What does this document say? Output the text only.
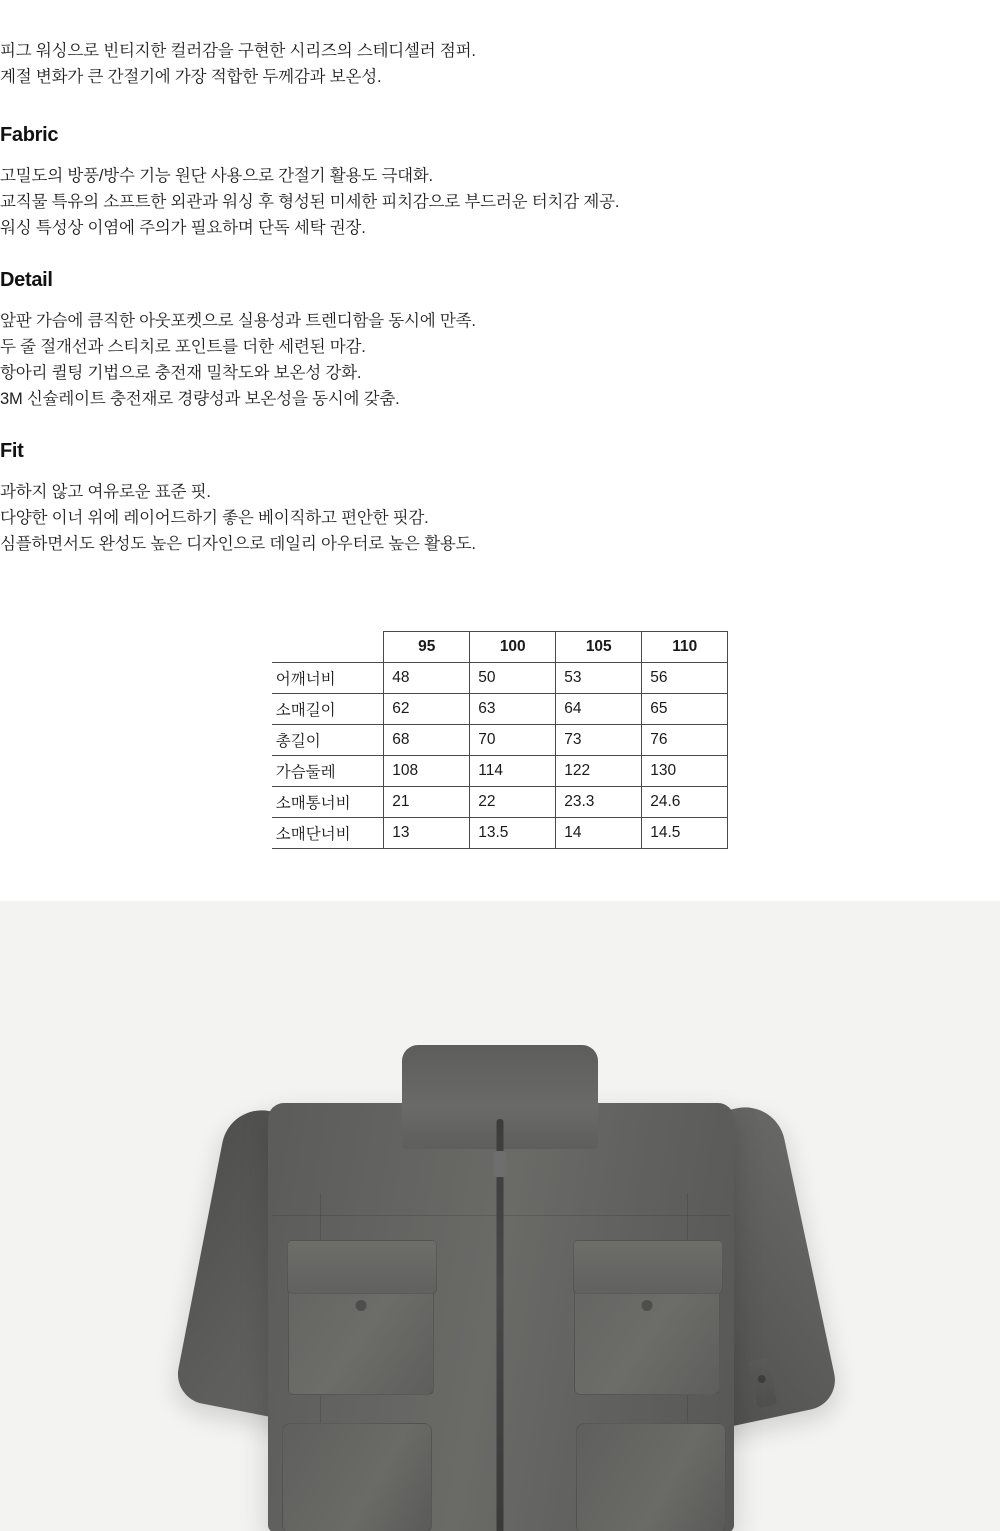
피그 워싱으로 빈티지한 컬러감을 구현한 시리즈의 스테디셀러 점퍼.

계절 변화가 큰 간절기에 가장 적합한 두께감과 보온성.

Fabric

고밀도의 방풍/방수 기능 원단 사용으로 간절기 활용도 극대화.

교직물 특유의 소프트한 외관과 워싱 후 형성된 미세한 피치감으로 부드러운 터치감 제공.

워싱 특성상 이염에 주의가 필요하며 단독 세탁 권장.

Detail

앞판 가슴에 큼직한 아웃포켓으로 실용성과 트렌디함을 동시에 만족.

두 줄 절개선과 스티치로 포인트를 더한 세련된 마감.

항아리 퀼팅 기법으로 충전재 밀착도와 보온성 강화.

3M 신슐레이트 충전재로 경량성과 보온성을 동시에 갖춤.

Fit

과하지 않고 여유로운 표준 핏.

다양한 이너 위에 레이어드하기 좋은 베이직하고 편안한 핏감.

심플하면서도 완성도 높은 디자인으로 데일리 아우터로 높은 활용도.

	95	100	105	110
어깨너비	48	50	53	56
소매길이	62	63	64	65
총길이	68	70	73	76
가슴둘레	108	114	122	130
소매통너비	21	22	23.3	24.6
소매단너비	13	13.5	14	14.5
